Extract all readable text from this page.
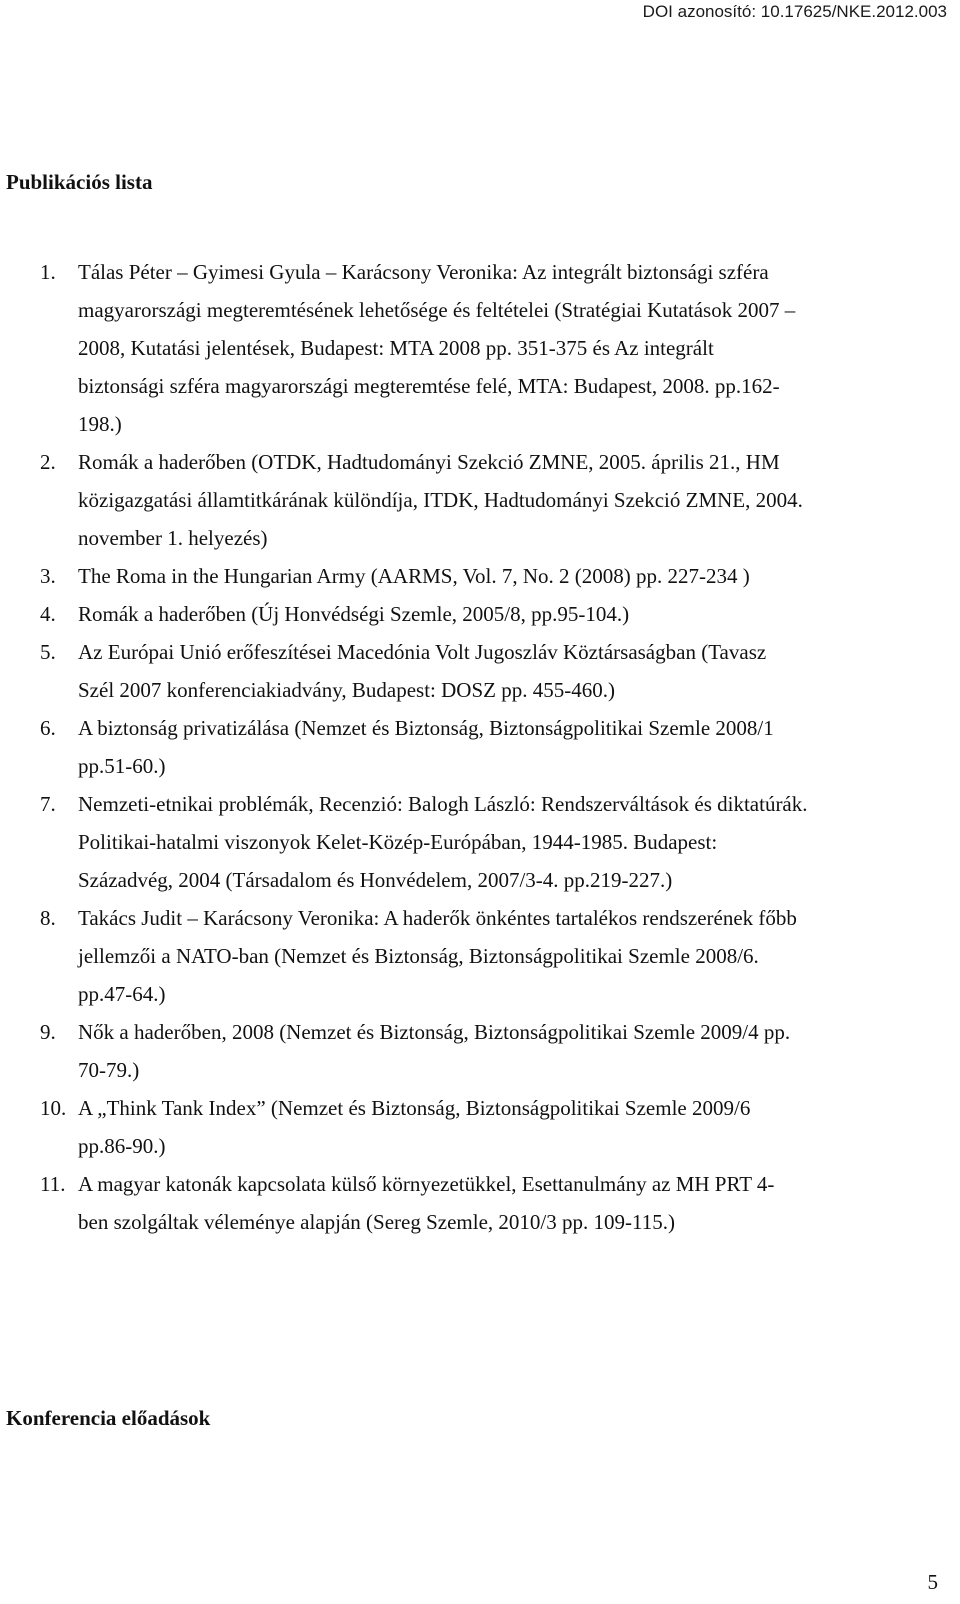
DOI azonosító: 10.17625/NKE.2012.003
Publikációs lista
1. Tálas Péter – Gyimesi Gyula – Karácsony Veronika: Az integrált biztonsági szféra
magyarországi megteremtésének lehetősége és feltételei (Stratégiai Kutatások 2007 –
2008, Kutatási jelentések, Budapest: MTA 2008 pp. 351-375 és Az integrált
biztonsági szféra magyarországi megteremtése felé, MTA: Budapest, 2008. pp.162-
198.)
2. Romák a haderőben (OTDK, Hadtudományi Szekció ZMNE, 2005. április 21., HM
közigazgatási államtitkárának különdíja, ITDK, Hadtudományi Szekció ZMNE, 2004.
november 1. helyezés)
3. The Roma in the Hungarian Army (AARMS, Vol. 7, No. 2 (2008) pp. 227-234 )
4. Romák a haderőben (Új Honvédségi Szemle, 2005/8, pp.95-104.)
5. Az Európai Unió erőfeszítései Macedónia Volt Jugoszláv Köztársaságban (Tavasz
Szél 2007 konferenciakiadvány, Budapest: DOSZ pp. 455-460.)
6. A biztonság privatizálása (Nemzet és Biztonság, Biztonságpolitikai Szemle 2008/1
pp.51-60.)
7. Nemzeti-etnikai problémák, Recenzió: Balogh László: Rendszerváltások és diktatúrák.
Politikai-hatalmi viszonyok Kelet-Közép-Európában, 1944-1985. Budapest:
Századvég, 2004 (Társadalom és Honvédelem, 2007/3-4. pp.219-227.)
8. Takács Judit – Karácsony Veronika: A haderők önkéntes tartalékos rendszerének főbb
jellemzői a NATO-ban (Nemzet és Biztonság, Biztonságpolitikai Szemle 2008/6.
pp.47-64.)
9. Nők a haderőben, 2008 (Nemzet és Biztonság, Biztonságpolitikai Szemle 2009/4 pp.
70-79.)
10. A „Think Tank Index” (Nemzet és Biztonság, Biztonságpolitikai Szemle 2009/6
pp.86-90.)
11. A magyar katonák kapcsolata külső környezetükkel, Esettanulmány az MH PRT 4-
ben szolgáltak véleménye alapján (Sereg Szemle, 2010/3 pp. 109-115.)
Konferencia előadások
5
